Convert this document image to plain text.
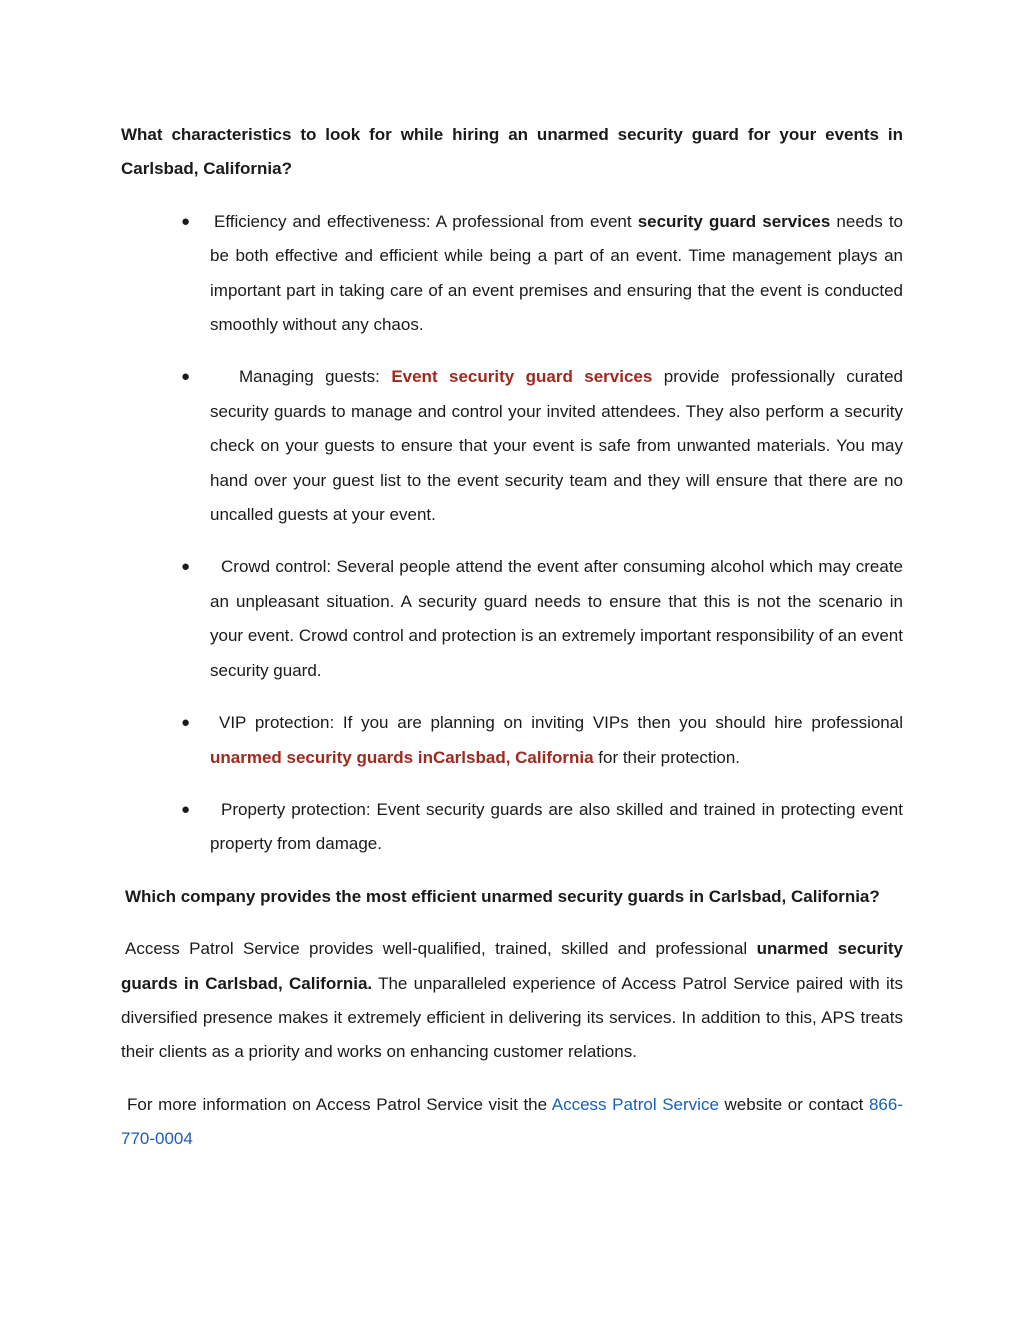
What characteristics to look for while hiring an unarmed security guard for your events in Carlsbad, California?

● Efficiency and effectiveness: A professional from event security guard services needs to be both effective and efficient while being a part of an event. Time management plays an important part in taking care of an event premises and ensuring that the event is conducted smoothly without any chaos.
●	Managing guests: Event security guard services provide professionally curated security guards to manage and control your invited attendees. They also perform a security check on your guests to ensure that your event is safe from unwanted materials. You may hand over your guest list to the event security team and they will ensure that there are no uncalled guests at your event.
● Crowd control: Several people attend the event after consuming alcohol which may create an unpleasant situation. A security guard needs to ensure that this is not the scenario in your event. Crowd control and protection is an extremely important responsibility of an event security guard.
● VIP protection: If you are planning on inviting VIPs then you should hire professional unarmed security guards inCarlsbad, California for their protection.
● Property protection: Event security guards are also skilled and trained in protecting event property from damage.

Which company provides the most efficient unarmed security guards in Carlsbad, California?

Access Patrol Service provides well-qualified, trained, skilled and professional unarmed security guards in Carlsbad, California. The unparalleled experience of Access Patrol Service paired with its diversified presence makes it extremely efficient in delivering its services. In addition to this, APS treats their clients as a priority and works on enhancing customer relations.

For more information on Access Patrol Service visit the Access Patrol Service website or contact 866-770-0004
